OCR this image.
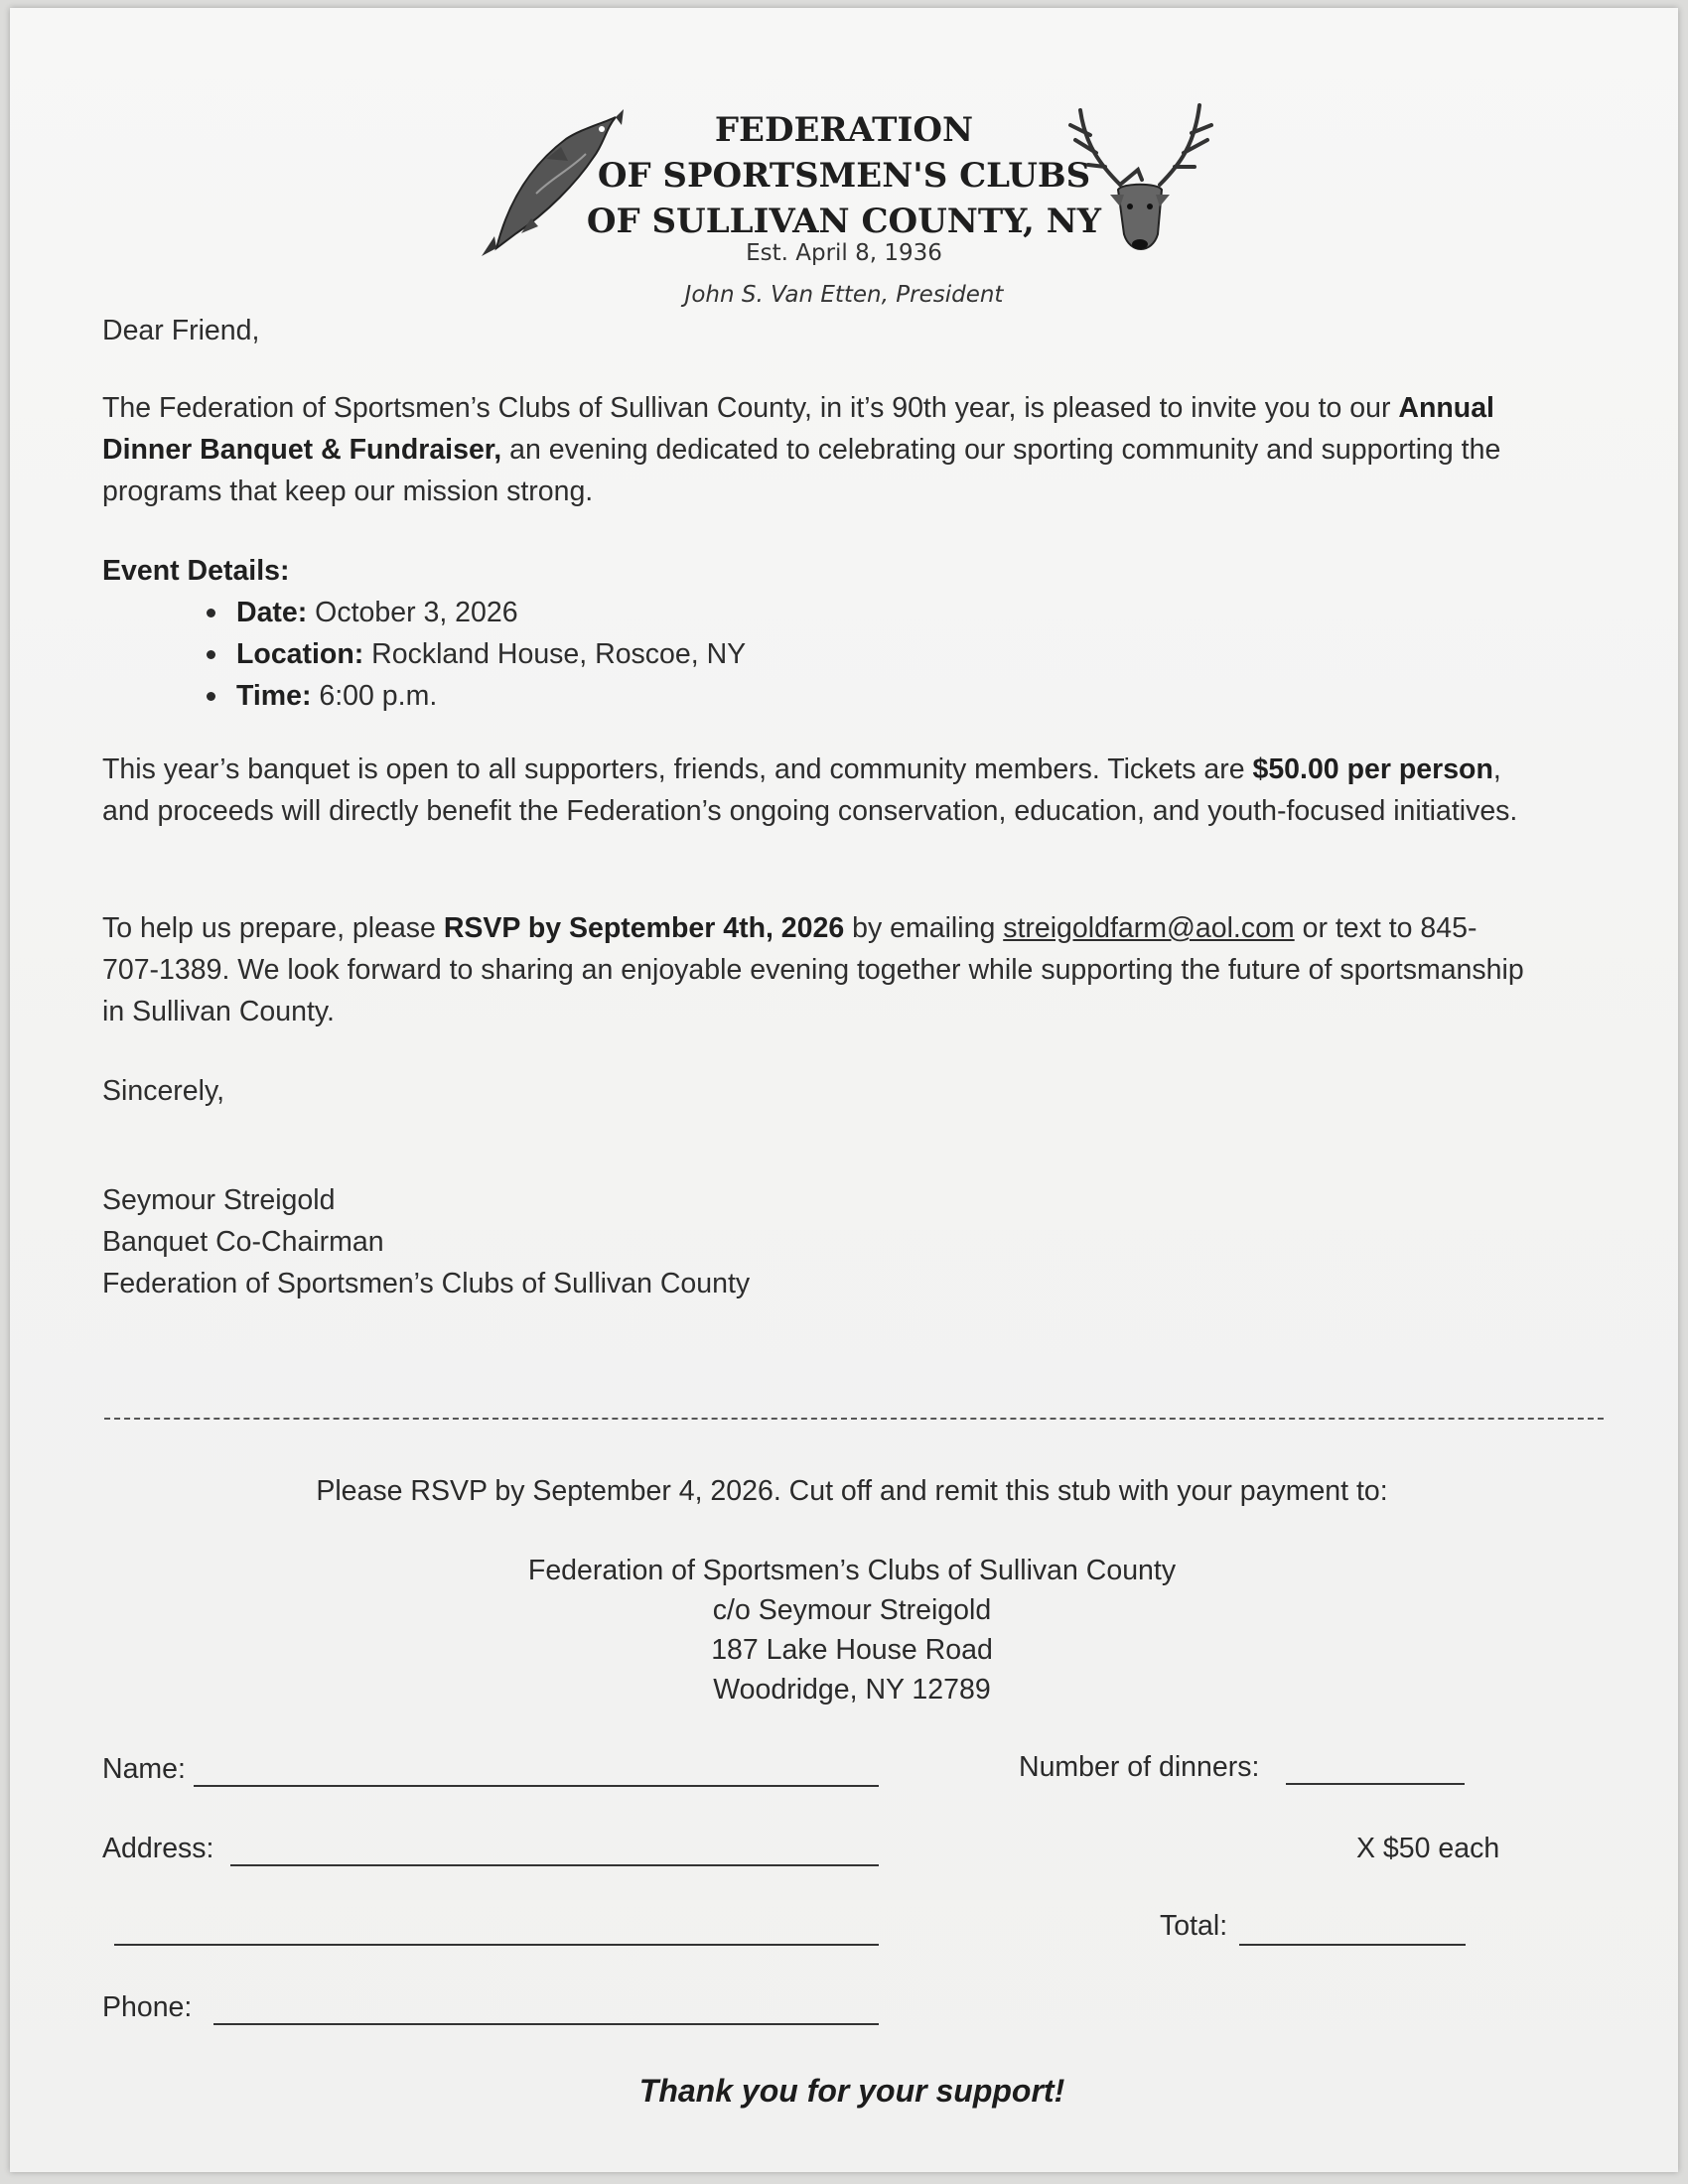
FEDERATION
OF SPORTSMEN'S CLUBS
OF SULLIVAN COUNTY, NY
Est. April 8, 1936
John S. Van Etten, President
Dear Friend,

The Federation of Sportsmen’s Clubs of Sullivan County, in it’s 90th year, is pleased to invite you to our Annual Dinner Banquet & Fundraiser, an evening dedicated to celebrating our sporting community and supporting the programs that keep our mission strong.

Event Details:
Date: October 3, 2026
Location: Rockland House, Roscoe, NY
Time: 6:00 p.m.

This year’s banquet is open to all supporters, friends, and community members. Tickets are $50.00 per person, and proceeds will directly benefit the Federation’s ongoing conservation, education, and youth-focused initiatives.

To help us prepare, please RSVP by September 4th, 2026 by emailing streigoldfarm@aol.com or text to 845-707-1389. We look forward to sharing an enjoyable evening together while supporting the future of sportsmanship in Sullivan County.

Sincerely,
Seymour Streigold
Banquet Co-Chairman
Federation of Sportsmen’s Clubs of Sullivan County
Please RSVP by September 4, 2026. Cut off and remit this stub with your payment to:
Federation of Sportsmen’s Clubs of Sullivan County
c/o Seymour Streigold
187 Lake House Road
Woodridge, NY 12789
Name:	Number of dinners:
Address:	X $50 each
Total:
Phone:
Thank you for your support!
